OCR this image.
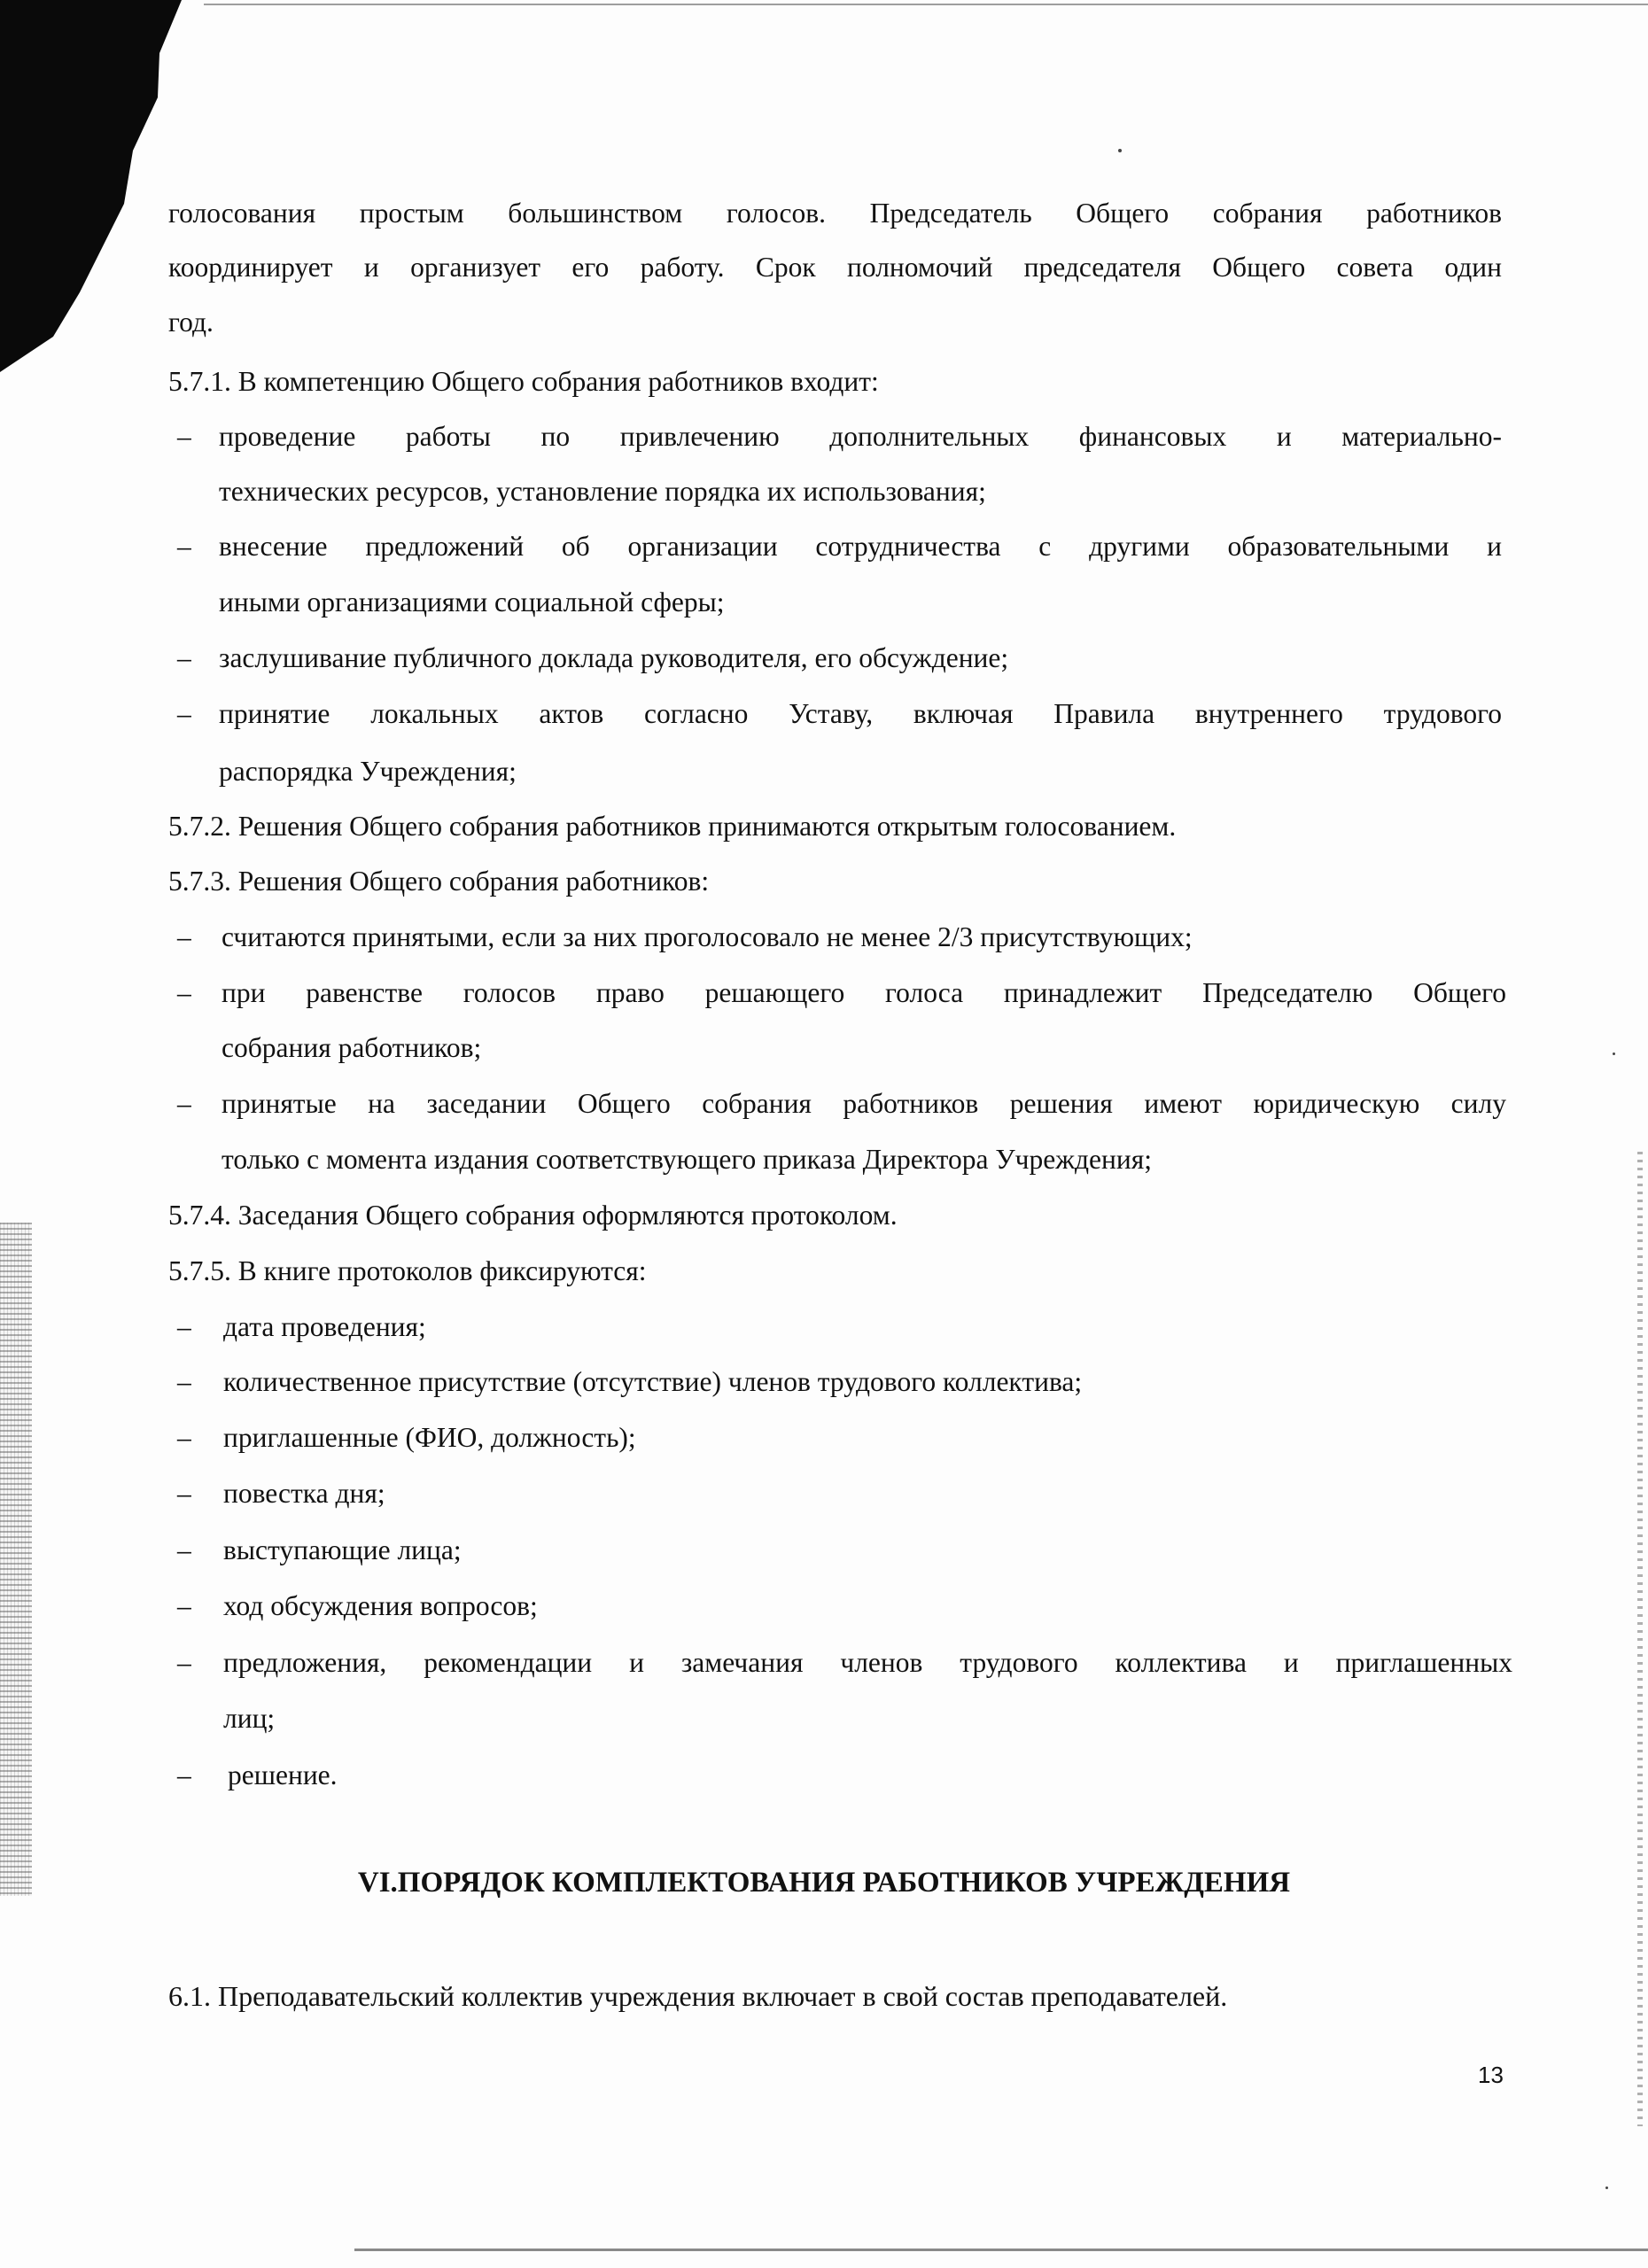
голосования простым большинством голосов. Председатель Общего собрания работников
координирует и организует его работу. Срок полномочий председателя Общего совета один
год.
5.7.1. В компетенцию Общего собрания работников входит:
– проведение работы по привлечению дополнительных финансовых и материально-
технических ресурсов, установление порядка их использования;
– внесение предложений об организации сотрудничества с другими образовательными и
иными организациями социальной сферы;
– заслушивание публичного доклада руководителя, его обсуждение;
– принятие локальных актов согласно Уставу, включая Правила внутреннего трудового
распорядка Учреждения;
5.7.2. Решения Общего собрания работников принимаются открытым голосованием.
5.7.3. Решения Общего собрания работников:
– считаются принятыми, если за них проголосовало не менее 2/3 присутствующих;
– при равенстве голосов право решающего голоса принадлежит Председателю Общего
собрания работников;
– принятые на заседании Общего собрания работников решения имеют юридическую силу
только с момента издания соответствующего приказа Директора Учреждения;
5.7.4. Заседания Общего собрания оформляются протоколом.
5.7.5. В книге протоколов фиксируются:
– дата проведения;
– количественное присутствие (отсутствие) членов трудового коллектива;
– приглашенные (ФИО, должность);
– повестка дня;
– выступающие лица;
– ход обсуждения вопросов;
– предложения, рекомендации и замечания членов трудового коллектива и приглашенных
лиц;
– решение.
VI.ПОРЯДОК КОМПЛЕКТОВАНИЯ РАБОТНИКОВ УЧРЕЖДЕНИЯ
6.1. Преподавательский коллектив учреждения включает в свой состав преподавателей.
13
